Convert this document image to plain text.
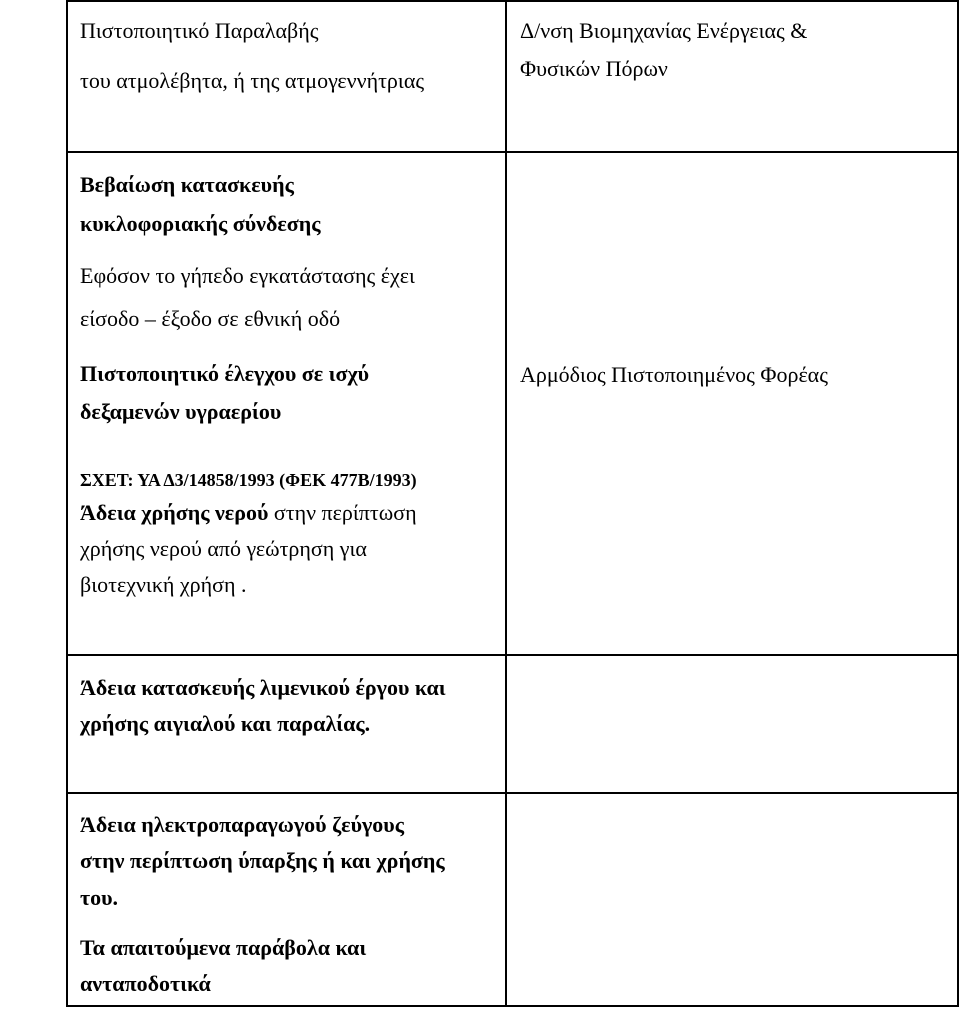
Πιστοποιητικό Παραλαβής

του ατμολέβητα, ή της ατμογεννήτριας

Δ/νση Βιομηχανίας Ενέργειας &

Φυσικών Πόρων

Βεβαίωση κατασκευής

κυκλοφοριακής σύνδεσης

Εφόσον το γήπεδο εγκατάστασης έχει

είσοδο – έξοδο σε εθνική οδό

Πιστοποιητικό έλεγχου σε ισχύ

δεξαμενών υγραερίου

ΣΧΕΤ: ΥΑ Δ3/14858/1993 (ΦΕΚ 477Β/1993)

Άδεια χρήσης νερού στην περίπτωση

χρήσης νερού από γεώτρηση για

βιοτεχνική χρήση .

Αρμόδιος Πιστοποιημένος Φορέας

Άδεια κατασκευής λιμενικού έργου και

χρήσης αιγιαλού και παραλίας.

Άδεια ηλεκτροπαραγωγού ζεύγους

στην περίπτωση ύπαρξης ή και χρήσης

του.

Τα απαιτούμενα παράβολα και

ανταποδοτικά
